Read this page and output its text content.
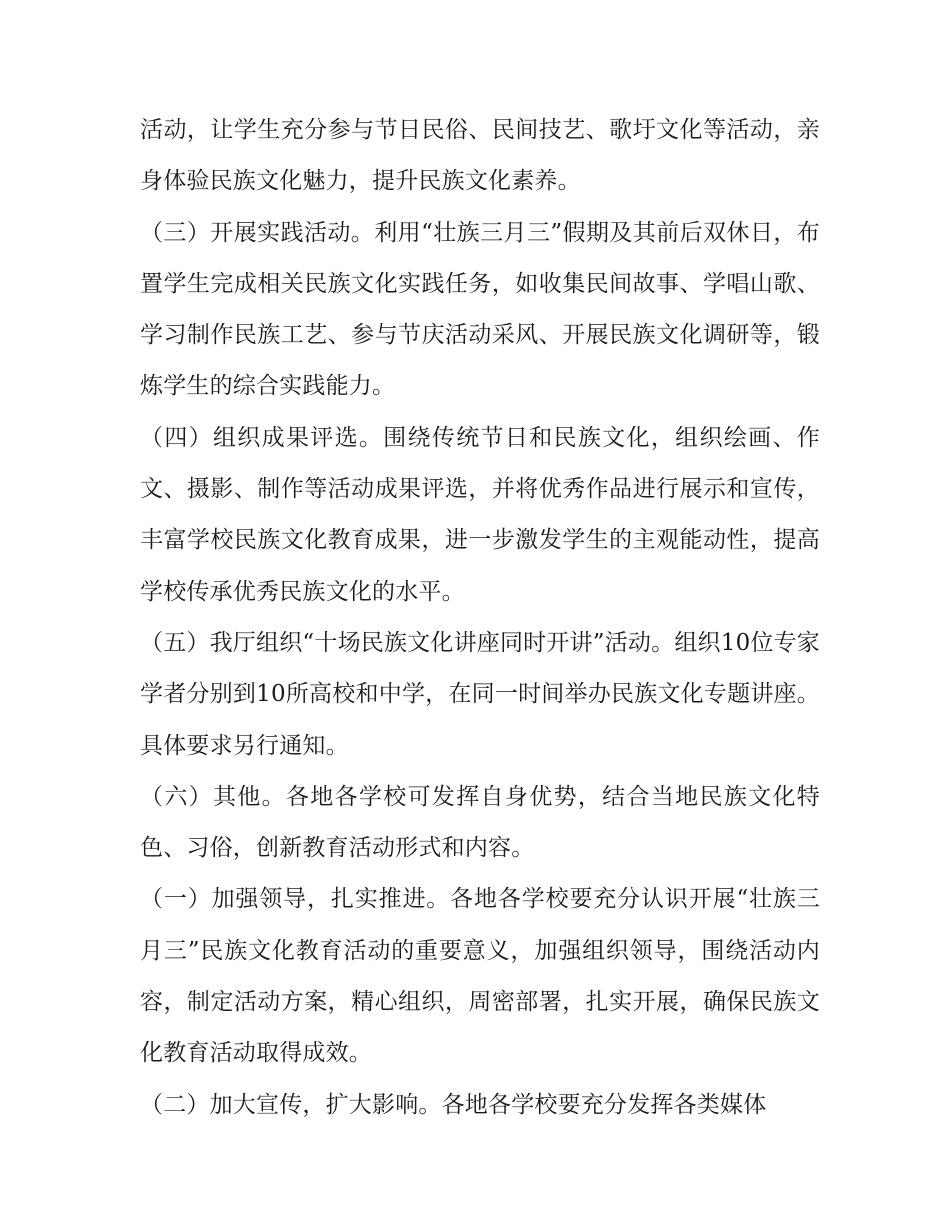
活动，让学生充分参与节日民俗、民间技艺、歌圩文化等活动，亲身体验民族文化魅力，提升民族文化素养。

（三）开展实践活动。利用“壮族三月三”假期及其前后双休日，布置学生完成相关民族文化实践任务，如收集民间故事、学唱山歌、学习制作民族工艺、参与节庆活动采风、开展民族文化调研等，锻炼学生的综合实践能力。

（四）组织成果评选。围绕传统节日和民族文化，组织绘画、作文、摄影、制作等活动成果评选，并将优秀作品进行展示和宣传，丰富学校民族文化教育成果，进一步激发学生的主观能动性，提高学校传承优秀民族文化的水平。

（五）我厅组织“十场民族文化讲座同时开讲”活动。组织10位专家学者分别到10所高校和中学，在同一时间举办民族文化专题讲座。具体要求另行通知。

（六）其他。各地各学校可发挥自身优势，结合当地民族文化特色、习俗，创新教育活动形式和内容。

（一）加强领导，扎实推进。各地各学校要充分认识开展“壮族三月三”民族文化教育活动的重要意义，加强组织领导，围绕活动内容，制定活动方案，精心组织，周密部署，扎实开展，确保民族文化教育活动取得成效。

（二）加大宣传，扩大影响。各地各学校要充分发挥各类媒体
